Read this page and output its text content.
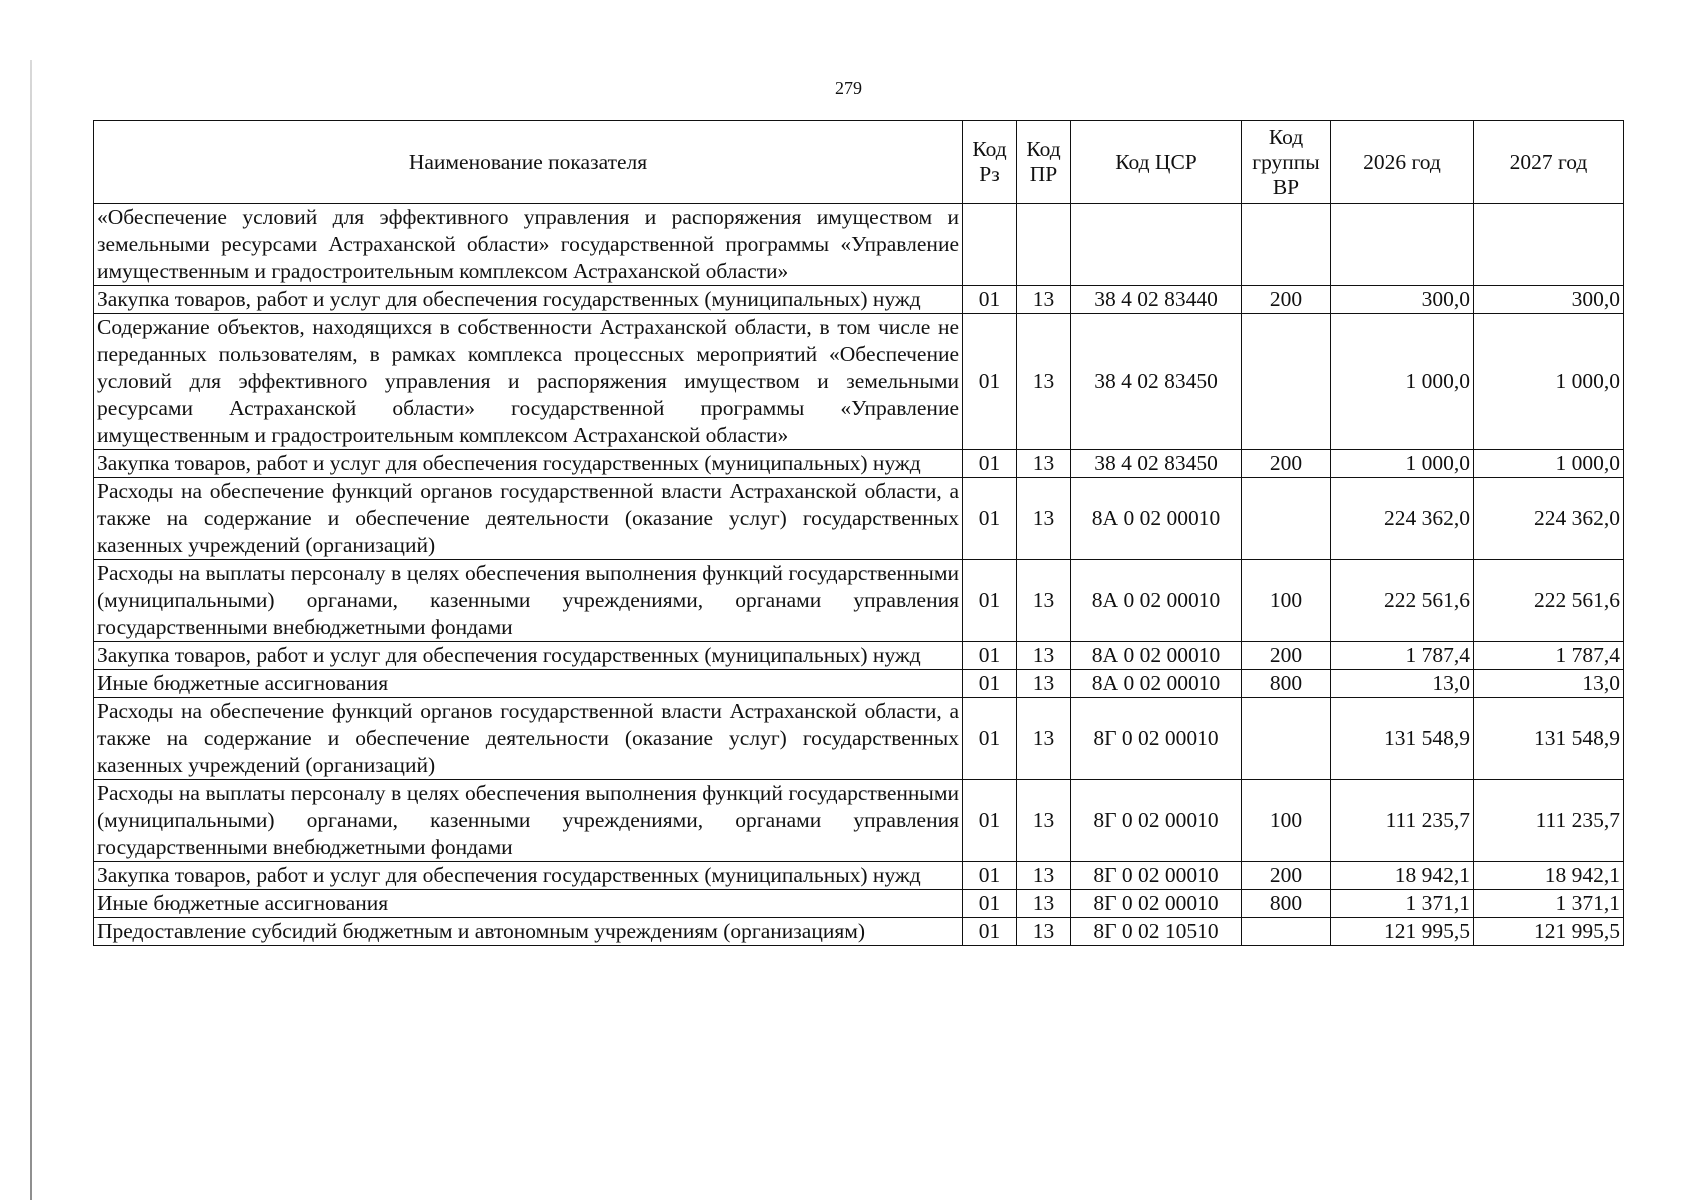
279
Наименование показателя	Код Рз	Код ПР	Код ЦСР	Код группы ВР	2026 год	2027 год
«Обеспечение условий для эффективного управления и распоряжения имуществом и земельными ресурсами Астраханской области» государственной программы «Управление имущественным и градостроительным комплексом Астраханской области»						
Закупка товаров, работ и услуг для обеспечения государственных (муниципальных) нужд	01	13	38 4 02 83440	200	300,0	300,0
Содержание объектов, находящихся в собственности Астраханской области, в том числе не переданных пользователям, в рамках комплекса процессных мероприятий «Обеспечение условий для эффективного управления и распоряжения имуществом и земельными ресурсами Астраханской области» государственной программы «Управление имущественным и градостроительным комплексом Астраханской области»	01	13	38 4 02 83450		1 000,0	1 000,0
Закупка товаров, работ и услуг для обеспечения государственных (муниципальных) нужд	01	13	38 4 02 83450	200	1 000,0	1 000,0
Расходы на обеспечение функций органов государственной власти Астраханской области, а также на содержание и обеспечение деятельности (оказание услуг) государственных казенных учреждений (организаций)	01	13	8А 0 02 00010		224 362,0	224 362,0
Расходы на выплаты персоналу в целях обеспечения выполнения функций государственными (муниципальными) органами, казенными учреждениями, органами управления государственными внебюджетными фондами	01	13	8А 0 02 00010	100	222 561,6	222 561,6
Закупка товаров, работ и услуг для обеспечения государственных (муниципальных) нужд	01	13	8А 0 02 00010	200	1 787,4	1 787,4
Иные бюджетные ассигнования	01	13	8А 0 02 00010	800	13,0	13,0
Расходы на обеспечение функций органов государственной власти Астраханской области, а также на содержание и обеспечение деятельности (оказание услуг) государственных казенных учреждений (организаций)	01	13	8Г 0 02 00010		131 548,9	131 548,9
Расходы на выплаты персоналу в целях обеспечения выполнения функций государственными (муниципальными) органами, казенными учреждениями, органами управления государственными внебюджетными фондами	01	13	8Г 0 02 00010	100	111 235,7	111 235,7
Закупка товаров, работ и услуг для обеспечения государственных (муниципальных) нужд	01	13	8Г 0 02 00010	200	18 942,1	18 942,1
Иные бюджетные ассигнования	01	13	8Г 0 02 00010	800	1 371,1	1 371,1
Предоставление субсидий бюджетным и автономным учреждениям (организациям)	01	13	8Г 0 02 10510		121 995,5	121 995,5
